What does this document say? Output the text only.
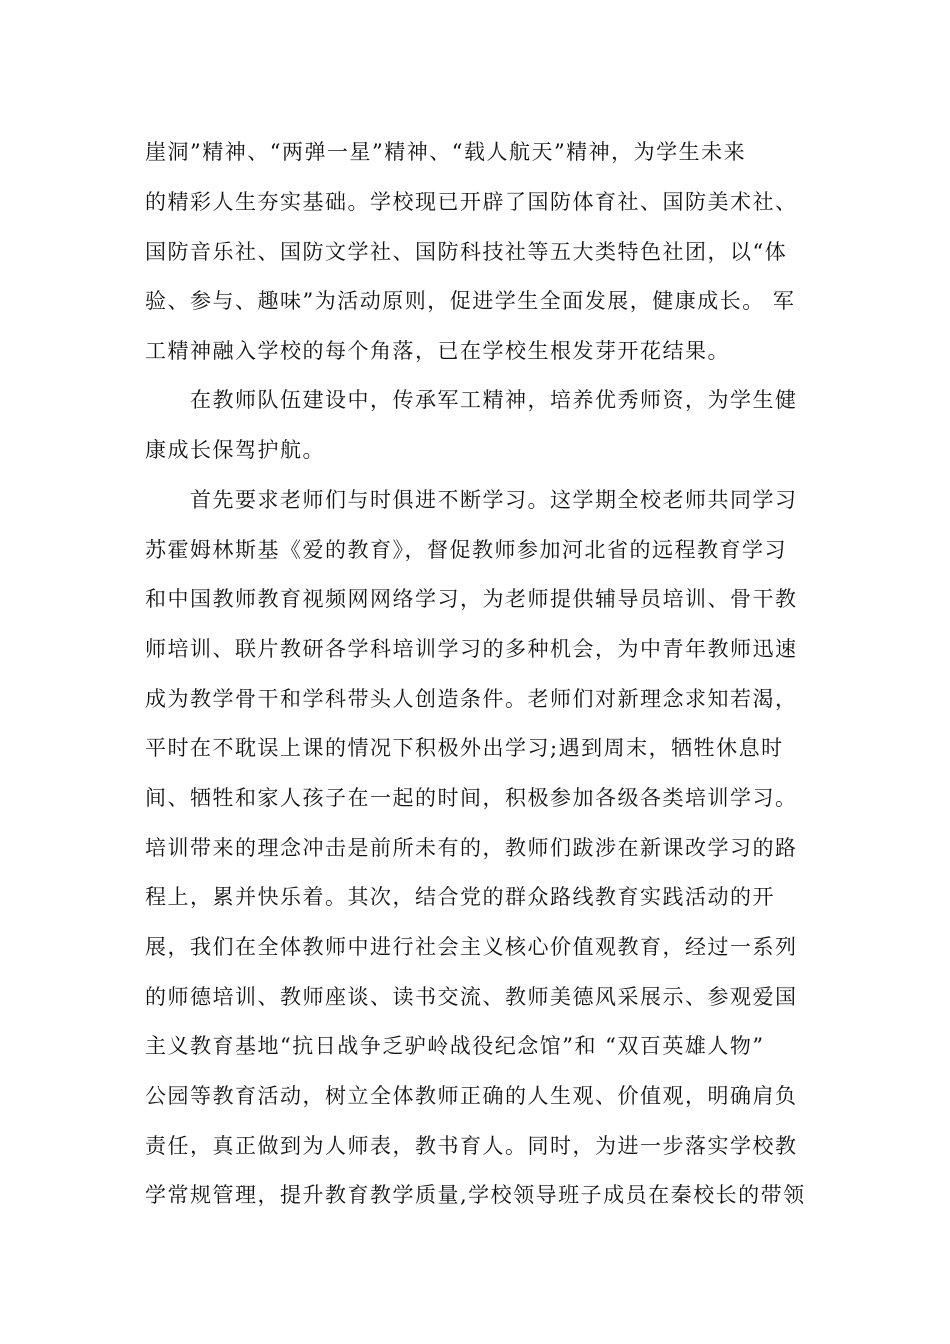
崖洞”精神、“两弹一星”精神、“载人航天”精神，为学生未来
的精彩人生夯实基础。学校现已开辟了国防体育社、国防美术社、
国防音乐社、国防文学社、国防科技社等五大类特色社团，以“体
验、参与、趣味”为活动原则，促进学生全面发展，健康成长。 军
工精神融入学校的每个角落，已在学校生根发芽开花结果。
在教师队伍建设中，传承军工精神，培养优秀师资，为学生健
康成长保驾护航。
首先要求老师们与时俱进不断学习。这学期全校老师共同学习
苏霍姆林斯基《爱的教育》，督促教师参加河北省的远程教育学习
和中国教师教育视频网网络学习，为老师提供辅导员培训、骨干教
师培训、联片教研各学科培训学习的多种机会，为中青年教师迅速
成为教学骨干和学科带头人创造条件。老师们对新理念求知若渴，
平时在不耽误上课的情况下积极外出学习;遇到周末，牺牲休息时
间、牺牲和家人孩子在一起的时间，积极参加各级各类培训学习。
培训带来的理念冲击是前所未有的，教师们跋涉在新课改学习的路
程上，累并快乐着。其次，结合党的群众路线教育实践活动的开
展，我们在全体教师中进行社会主义核心价值观教育，经过一系列
的师德培训、教师座谈、读书交流、教师美德风采展示、参观爱国
主义教育基地“抗日战争乏驴岭战役纪念馆”和 “双百英雄人物”
公园等教育活动，树立全体教师正确的人生观、价值观，明确肩负
责任，真正做到为人师表，教书育人。同时，为进一步落实学校教
学常规管理，提升教育教学质量,学校领导班子成员在秦校长的带领
